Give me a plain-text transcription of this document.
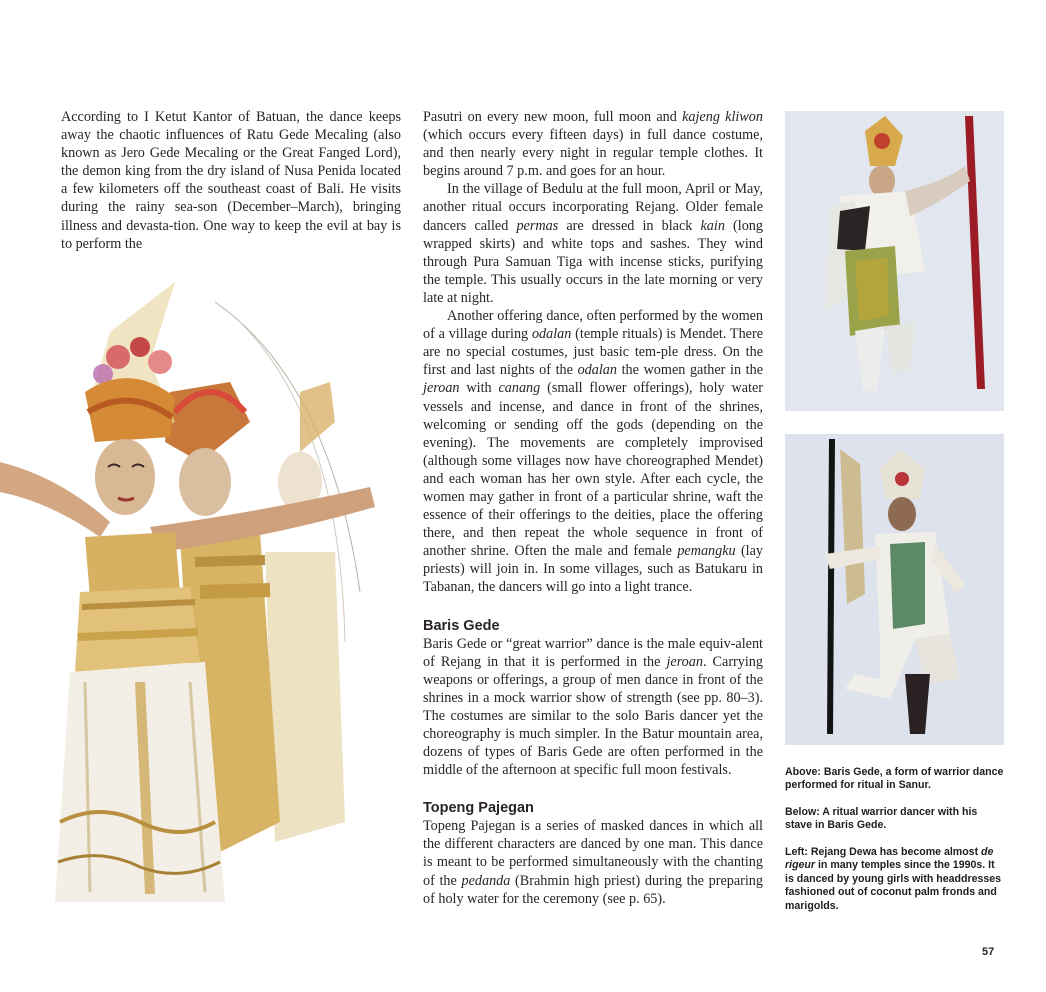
According to I Ketut Kantor of Batuan, the dance keeps away the chaotic influences of Ratu Gede Mecaling (also known as Jero Gede Mecaling or the Great Fanged Lord), the demon king from the dry island of Nusa Penida located a few kilometers off the southeast coast of Bali. He visits during the rainy sea-son (December–March), bringing illness and devasta-tion. One way to keep the evil at bay is to perform the

Pasutri on every new moon, full moon and kajeng kliwon (which occurs every fifteen days) in full dance costume, and then nearly every night in regular temple clothes. It begins around 7 p.m. and goes for an hour.

In the village of Bedulu at the full moon, April or May, another ritual occurs incorporating Rejang. Older female dancers called permas are dressed in black kain (long wrapped skirts) and white tops and sashes. They wind through Pura Samuan Tiga with incense sticks, purifying the temple. This usually occurs in the late morning or very late at night.

Another offering dance, often performed by the women of a village during odalan (temple rituals) is Mendet. There are no special costumes, just basic tem-ple dress. On the first and last nights of the odalan the women gather in the jeroan with canang (small flower offerings), holy water vessels and incense, and dance in front of the shrines, welcoming or sending off the gods (depending on the evening). The movements are completely improvised (although some villages now have choreographed Mendet) and each woman has her own style. After each cycle, the women may gather in front of a particular shrine, waft the essence of their offerings to the deities, place the offering there, and then repeat the whole sequence in front of another shrine. Often the male and female pemangku (lay priests) will join in. In some villages, such as Batukaru in Tabanan, the dancers will go into a light trance.

Baris Gede

Baris Gede or “great warrior” dance is the male equiv-alent of Rejang in that it is performed in the jeroan. Carrying weapons or offerings, a group of men dance in front of the shrines in a mock warrior show of strength (see pp. 80–3). The costumes are similar to the solo Baris dancer yet the choreography is much simpler. In the Batur mountain area, dozens of types of Baris Gede are often performed in the middle of the afternoon at specific full moon festivals.

Topeng Pajegan

Topeng Pajegan is a series of masked dances in which all the different characters are danced by one man. This dance is meant to be performed simultaneously with the chanting of the pedanda (Brahmin high priest) during the preparing of holy water for the ceremony (see p. 65).

Above: Baris Gede, a form of warrior dance performed for ritual in Sanur.
Below: A ritual warrior dancer with his stave in Baris Gede.
Left: Rejang Dewa has become almost de rigeur in many temples since the 1990s. It is danced by young girls with headdresses fashioned out of coconut palm fronds and marigolds.
57
